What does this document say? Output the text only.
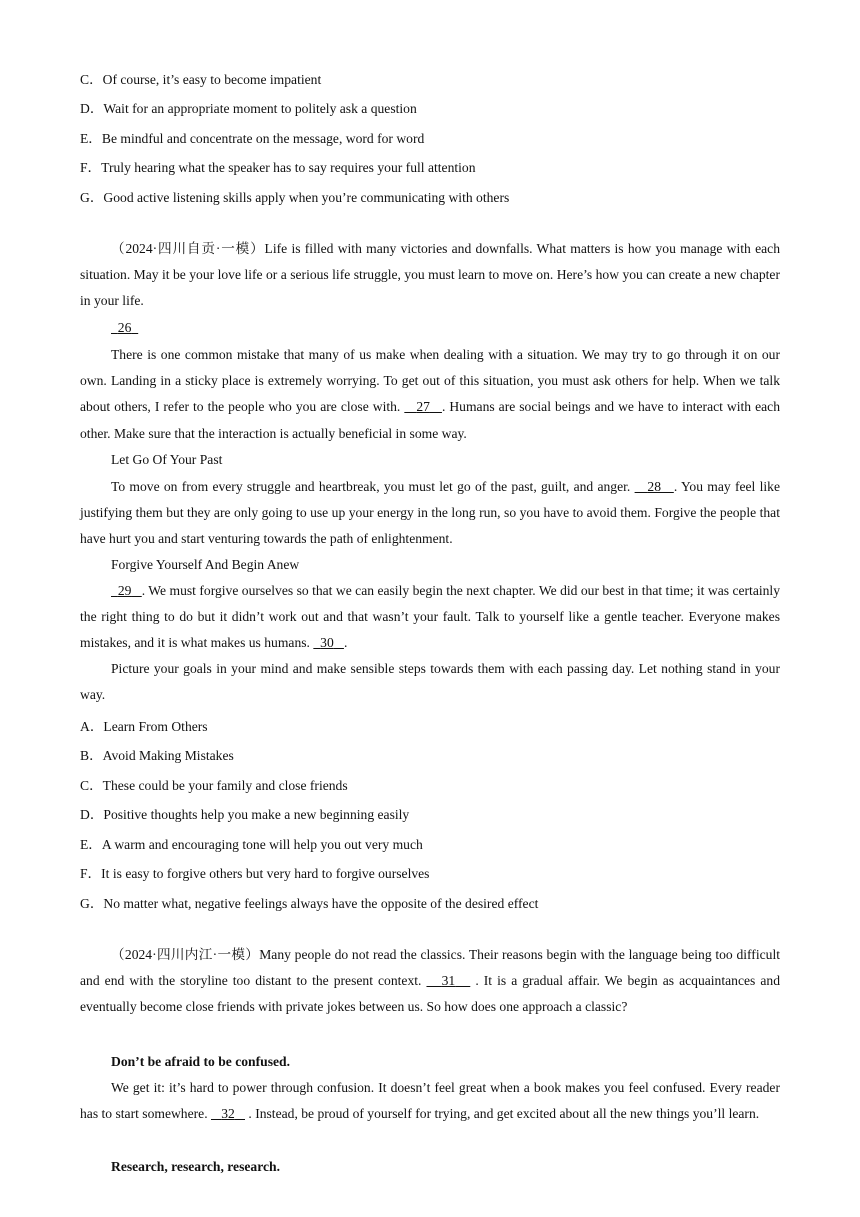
C．Of course, it’s easy to become impatient
D．Wait for an appropriate moment to politely ask a question
E．Be mindful and concentrate on the message, word for word
F．Truly hearing what the speaker has to say requires your full attention
G．Good active listening skills apply when you’re communicating with others
（2024·四川自贡·一模）Life is filled with many victories and downfalls. What matters is how you manage with each situation. May it be your love life or a serious life struggle, you must learn to move on. Here’s how you can create a new chapter in your life.
26
There is one common mistake that many of us make when dealing with a situation. We may try to go through it on our own. Landing in a sticky place is extremely worrying. To get out of this situation, you must ask others for help. When we talk about others, I refer to the people who you are close with.    27 . Humans are social beings and we have to interact with each other. Make sure that the interaction is actually beneficial in some way.
Let Go Of Your Past
To move on from every struggle and heartbreak, you must let go of the past, guilt, and anger.    28 . You may feel like justifying them but they are only going to use up your energy in the long run, so you have to avoid them. Forgive the people that have hurt you and start venturing towards the path of enlightenment.
Forgive Yourself And Begin Anew
29 . We must forgive ourselves so that we can easily begin the next chapter. We did our best in that time; it was certainly the right thing to do but it didn’t work out and that wasn’t your fault. Talk to yourself like a gentle teacher. Everyone makes mistakes, and it is what makes us humans.   30 .
Picture your goals in your mind and make sensible steps towards them with each passing day. Let nothing stand in your way.
A．Learn From Others
B．Avoid Making Mistakes
C．These could be your family and close friends
D．Positive thoughts help you make a new beginning easily
E．A warm and encouraging tone will help you out very much
F．It is easy to forgive others but very hard to forgive ourselves
G．No matter what, negative feelings always have the opposite of the desired effect
（2024·四川内江·一模）Many people do not read the classics. Their reasons begin with the language being too difficult and end with the storyline too distant to the present context.    31    . It is a gradual affair. We begin as acquaintances and eventually become close friends with private jokes between us. So how does one approach a classic?
Don’t be afraid to be confused.
We get it: it’s hard to power through confusion. It doesn’t feel great when a book makes you feel confused. Every reader has to start somewhere.    32    . Instead, be proud of yourself for trying, and get excited about all the new things you’ll learn.
Research, research, research.
